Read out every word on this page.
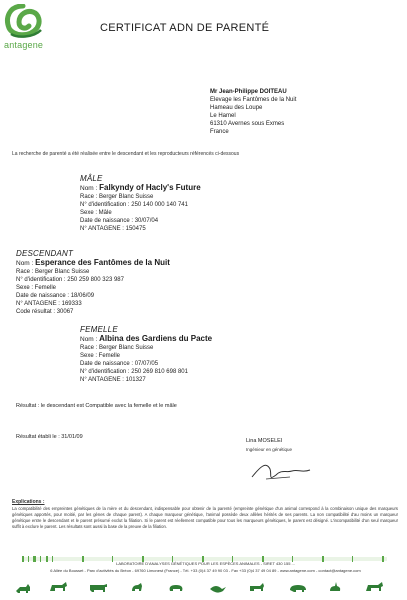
antagene
CERTIFICAT ADN DE PARENTÉ
Mr Jean-Philippe DOITEAU
Elevage les Fantômes de la Nuit
Hameau des Loupe
Le Hamel
61310 Avernes sous Exmes
France
La recherche de parenté a été réalisée entre le descendant et les reproducteurs référencés ci-dessous
MÂLE
Nom : Falkyndy of Hacly's Future
Race : Berger Blanc Suisse
N° d'identification : 250 140 000 140 741
Sexe : Mâle
Date de naissance : 30/07/04
N° ANTAGENE : 150475
DESCENDANT
Nom : Esperance des Fantômes de la Nuit
Race : Berger Blanc Suisse
N° d'identification : 250 259 800 323 987
Sexe : Femelle
Date de naissance : 18/06/09
N° ANTAGENE : 169333
Code résultat : 30067
FEMELLE
Nom : Albina des Gardiens du Pacte
Race : Berger Blanc Suisse
Sexe : Femelle
Date de naissance : 07/07/05
N° d'identification : 250 269 810 698 801
N° ANTAGENE : 101327
Résultat : le descendant est Compatible avec la femelle et le mâle
Résultat établi le : 31/01/09
Lina MOSELEI
Ingénieur en génétique
Explications :
La compatibilité des empreintes génétiques de la mère et du descendant, indispensable pour obtenir de la parenté (empreinte génétique d'un animal correspond à la combinaison unique des marqueurs génétiques apportés, pour moitié, par les gènes de chaque parent). A chaque marqueur génétique, l'animal possède deux allèles hérités de ses parents. La non compatibilité d'au moins un marqueur génétique entre le descendant et le parent présumé exclut la filiation. Si le parent est réellement compatible pour tous les marqueurs génétiques, le parent est désigné. L'incompatibilité d'un seul marqueur suffit à exclure le parent. Les résultats sont aussi la base de la preuve de la filiation.
LABORATOIRE D'ANALYSES GÉNÉTIQUES POUR LES ESPÈCES ANIMALES - SIRET 430 155 ...
6 Allée du Bousset - Parc d'activités du Bréon - 69760 Limonest (France) - Tél. +33 (0)4 37 49 90 03 - Fax +33 (0)4 37 49 04 89 - www.antagene.com - contact@antagene.com
